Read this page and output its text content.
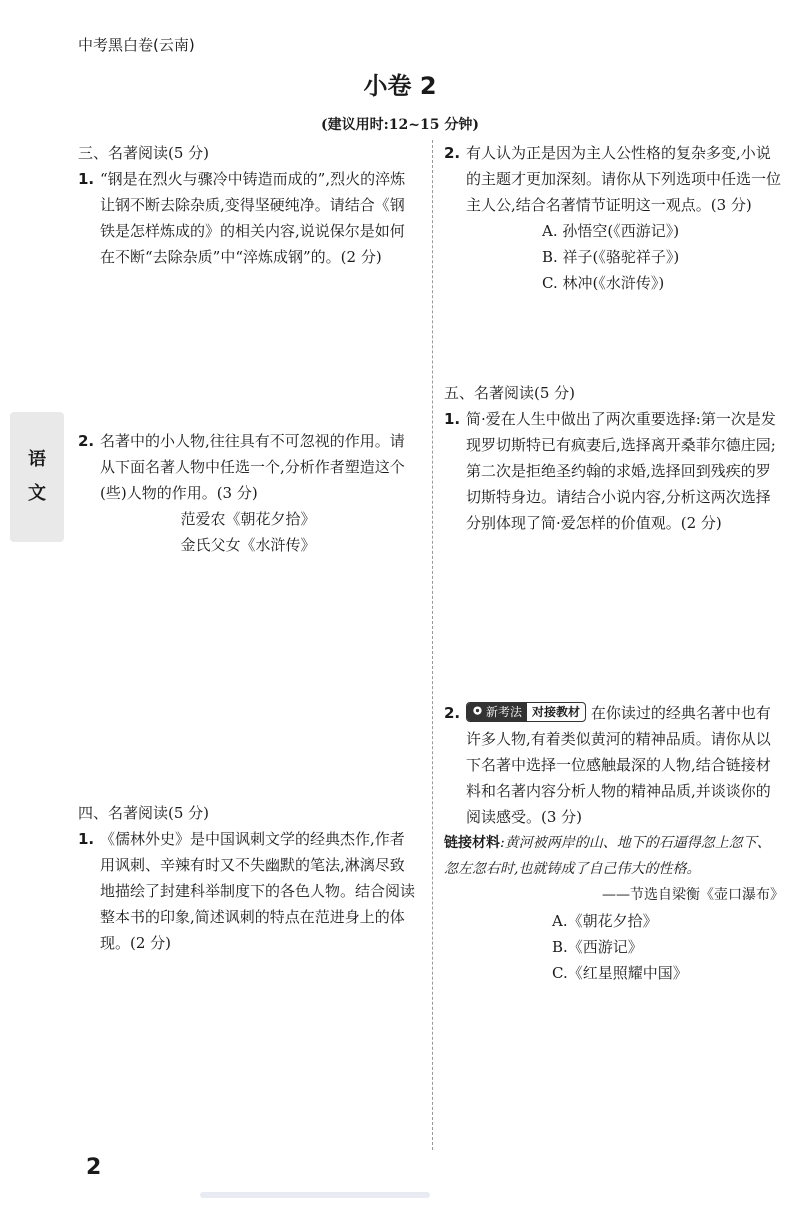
中考黑白卷(云南)
小卷 2
(建议用时:12~15 分钟)
语
文
三、名著阅读(5 分)
1. “钢是在烈火与骤冷中铸造而成的”,烈火的淬炼让钢不断去除杂质,变得坚硬纯净。请结合《钢铁是怎样炼成的》的相关内容,说说保尔是如何在不断“去除杂质”中“淬炼成钢”的。(2 分)
2. 名著中的小人物,往往具有不可忽视的作用。请从下面名著人物中任选一个,分析作者塑造这个(些)人物的作用。(3 分)
范爱农《朝花夕拾》
金氏父女《水浒传》
四、名著阅读(5 分)
1. 《儒林外史》是中国讽刺文学的经典杰作,作者用讽刺、辛辣有时又不失幽默的笔法,淋漓尽致地描绘了封建科举制度下的各色人物。结合阅读整本书的印象,简述讽刺的特点在范进身上的体现。(2 分)
2. 有人认为正是因为主人公性格的复杂多变,小说的主题才更加深刻。请你从下列选项中任选一位主人公,结合名著情节证明这一观点。(3 分)
A. 孙悟空(《西游记》)
B. 祥子(《骆驼祥子》)
C. 林冲(《水浒传》)
五、名著阅读(5 分)
1. 简·爱在人生中做出了两次重要选择:第一次是发现罗切斯特已有疯妻后,选择离开桑菲尔德庄园;第二次是拒绝圣约翰的求婚,选择回到残疾的罗切斯特身边。请结合小说内容,分析这两次选择分别体现了简·爱怎样的价值观。(2 分)
2. 新考法 对接教材 在你读过的经典名著中也有许多人物,有着类似黄河的精神品质。请你从以下名著中选择一位感触最深的人物,结合链接材料和名著内容分析人物的精神品质,并谈谈你的阅读感受。(3 分)
链接材料:黄河被两岸的山、地下的石逼得忽上忽下、忽左忽右时,也就铸成了自己伟大的性格。
——节选自梁衡《壶口瀑布》
A.《朝花夕拾》
B.《西游记》
C.《红星照耀中国》
2
